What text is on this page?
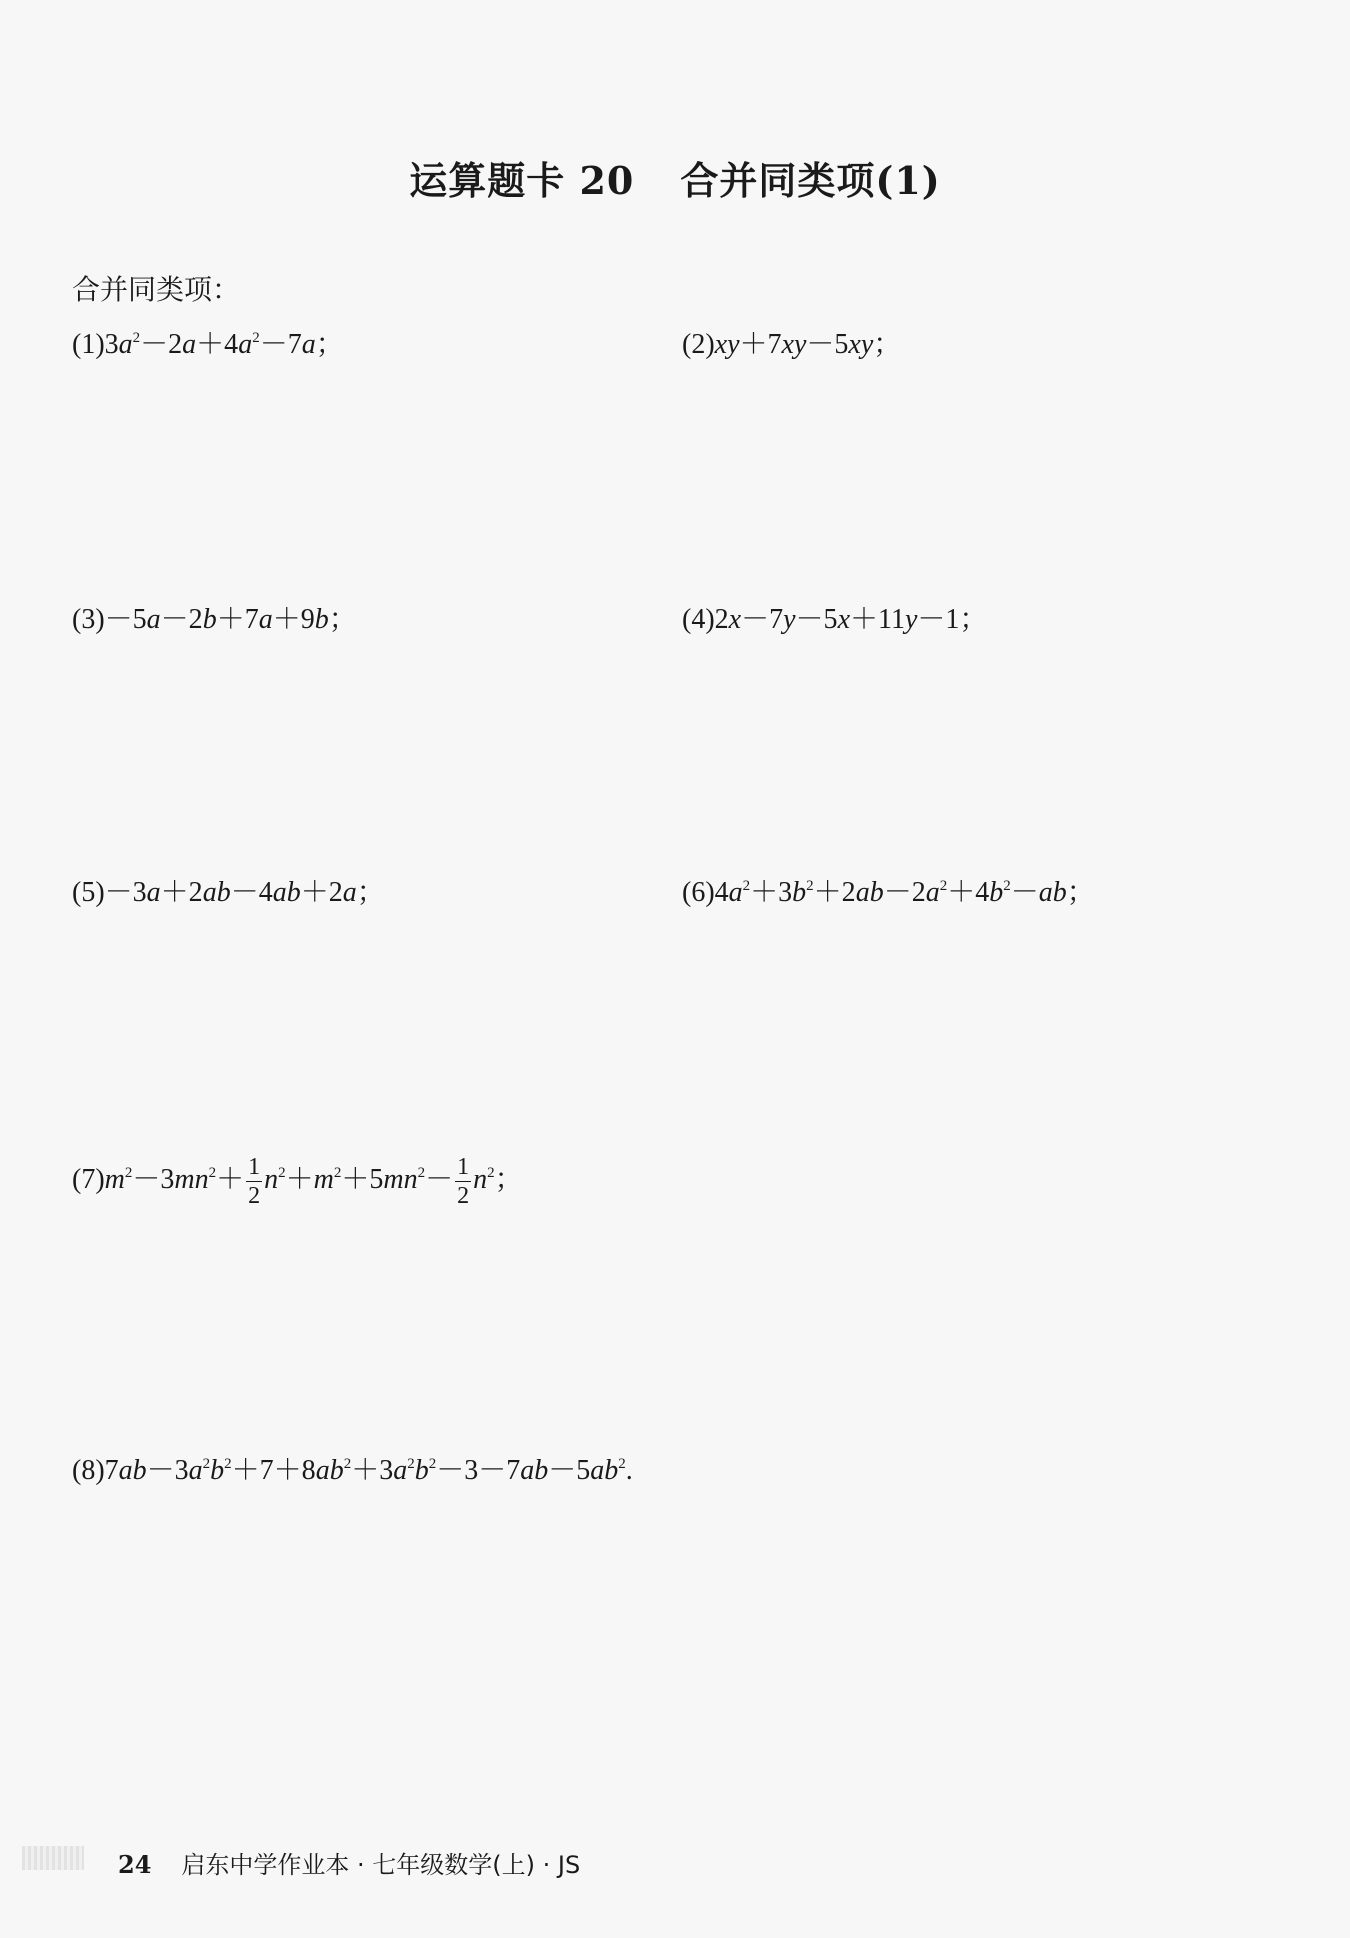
运算题卡 20 合并同类项(1)
合并同类项：
$(1)3a^2-2a+4a^2-7a$；	(2)xy＋7xy－5xy；
(3)－5a－2b＋7a＋9b；	(4)2x－7y－5x＋11y－1；
(5)－3a＋2ab－4ab＋2a；	$(6)4a^2+3b^2+2ab-2a^2+4b^2-ab$；
$(7)m^2-3mn^2+ \frac{1}{2} n^2+m^2+5mn^2- \frac{1}{2} n^2$；
$(8)7ab-3a^2b^2+7+8ab^2+3a^2b^2-3-7ab-5ab^2$.
24 启东中学作业本 · 七年级数学(上) · JS
